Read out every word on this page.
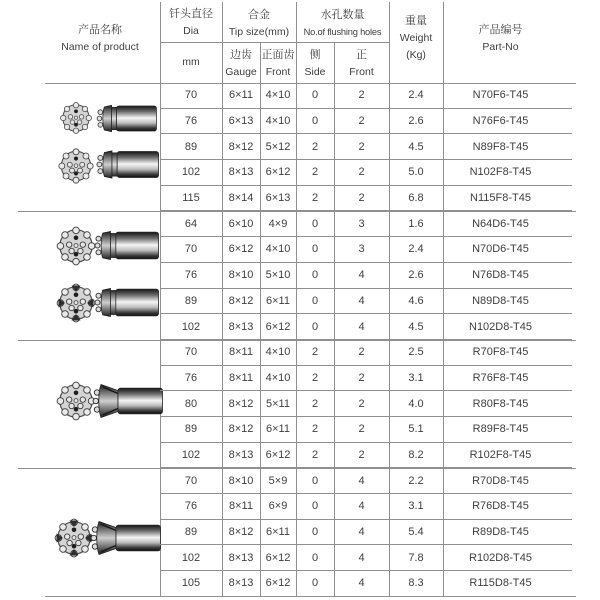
产品名称
Name of product
钎头直径
Dia
mm
合金
Tip size(mm)
边齿
Gauge
正面齿
Front
水孔数量
No.of flushing holes
侧
Side
正
Front
重量
Weight
(Kg)
产品编号
Part-No
70	6×11	4×10	0	2	2.4	N70F6-T45
76	6×13	4×10	0	2	2.6	N76F6-T45
89	8×12	5×12	2	2	4.5	N89F8-T45
102	8×13	6×12	2	2	5.0	N102F8-T45
115	8×14	6×13	2	2	6.8	N115F8-T45
64	6×10	4×9	0	3	1.6	N64D6-T45
70	6×12	4×10	0	3	2.4	N70D6-T45
76	8×10	5×10	0	4	2.6	N76D8-T45
89	8×12	6×11	0	4	4.6	N89D8-T45
102	8×13	6×12	0	4	4.5	N102D8-T45
70	8×11	4×10	2	2	2.5	R70F8-T45
76	8×11	4×10	2	2	3.1	R76F8-T45
80	8×12	5×11	2	2	4.0	R80F8-T45
89	8×12	6×11	2	2	5.1	R89F8-T45
102	8×13	6×12	2	2	8.2	R102F8-T45
70	8×10	5×9	0	4	2.2	R70D8-T45
76	8×11	6×9	0	4	3.1	R76D8-T45
89	8×12	6×11	0	4	5.4	R89D8-T45
102	8×13	6×12	0	4	7.8	R102D8-T45
105	8×13	6×12	0	4	8.3	R115D8-T45
